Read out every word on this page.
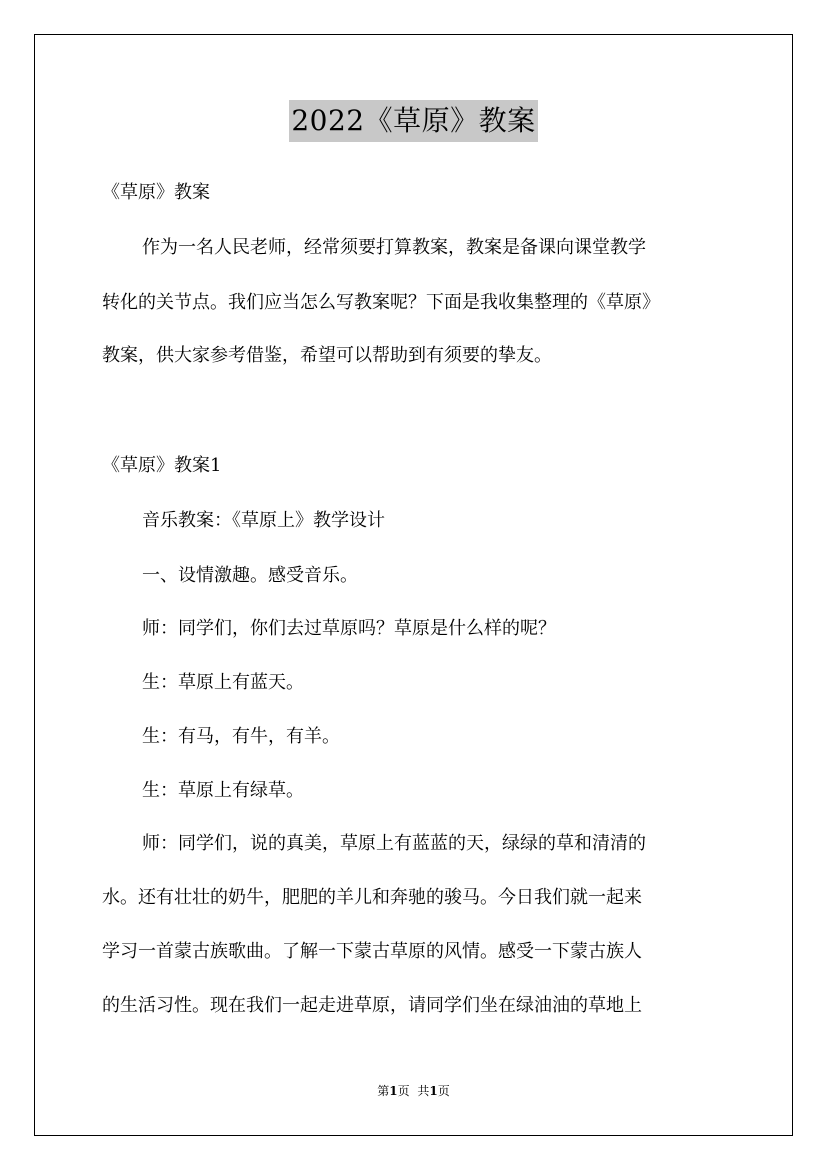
2022《草原》教案
《草原》教案
作为一名人民老师，经常须要打算教案，教案是备课向课堂教学
转化的关节点。我们应当怎么写教案呢？下面是我收集整理的《草原》
教案，供大家参考借鉴，希望可以帮助到有须要的挚友。
《草原》教案1
音乐教案：《草原上》教学设计
一、设情激趣。感受音乐。
师：同学们，你们去过草原吗？草原是什么样的呢？
生：草原上有蓝天。
生：有马，有牛，有羊。
生：草原上有绿草。
师：同学们，说的真美，草原上有蓝蓝的天，绿绿的草和清清的
水。还有壮壮的奶牛，肥肥的羊儿和奔驰的骏马。今日我们就一起来
学习一首蒙古族歌曲。了解一下蒙古草原的风情。感受一下蒙古族人
的生活习性。现在我们一起走进草原，请同学们坐在绿油油的草地上
第1页 共1页
